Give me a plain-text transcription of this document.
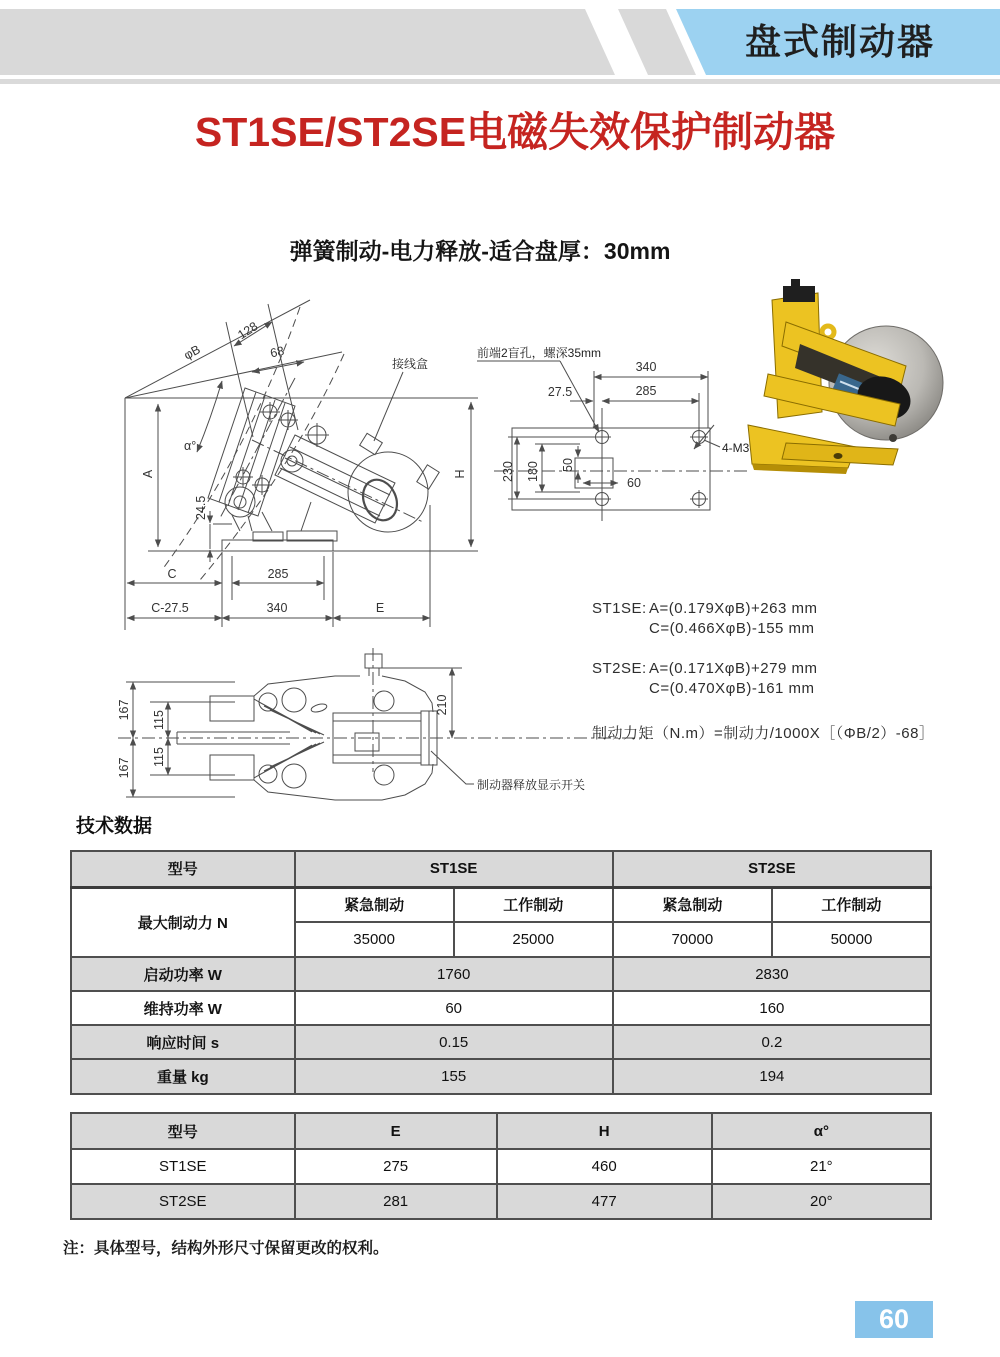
盘式制动器
ST1SE/ST2SE电磁失效保护制动器
弹簧制动-电力释放-适合盘厚：30mm
128
68
φB
α°
接线盒
A	H
24.5
C	285
C-27.5	340	E
340
27.5	285
230 180 50
60
前端2盲孔，螺深35mm
4-M3
167 115
115
167
210
制动器释放显示开关
ST1SE: A=(0.179XφB)+263 mm
C=(0.466XφB)-155 mm
ST2SE: A=(0.171XφB)+279 mm
C=(0.470XφB)-161 mm
制动力矩（N.m）=制动力/1000X［（ΦB/2）-68］
技术数据
型号	ST1SE		ST2SE	
最大制动力 N	紧急制动	工作制动	紧急制动	工作制动
	35000	25000	70000	50000
启动功率 W	1760		2830	
维持功率 W	60		160	
响应时间 s	0.15		0.2	
重量 kg	155		194	
型号	E	H	α°
ST1SE	275	460	21°
ST2SE	281	477	20°
注：具体型号，结构外形尺寸保留更改的权利。
60
